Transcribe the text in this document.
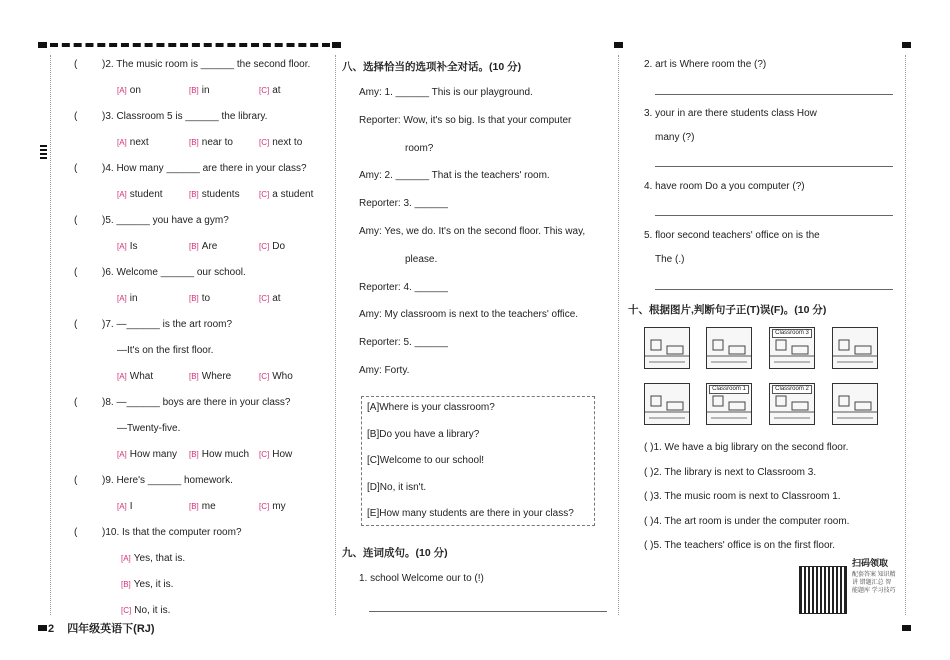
( )2. The music room is ______ the second floor.
[A] on	[B] in	[C] at
( )3. Classroom 5 is ______ the library.
[A] next	[B] near to	[C] next to
( )4. How many ______ are there in your class?
[A] student	[B] students [C] a student
( )5. ______ you have a gym?
[A] Is	[B] Are	[C] Do
( )6. Welcome ______ our school.
[A] in	[B] to	[C] at
( )7. —______ is the art room?
—It's on the first floor.
[A] What	[B] Where	[C] Who
( )8. —______ boys are there in your class?
—Twenty-five.
[A] How many [B] How much [C] How
( )9. Here's ______ homework.
[A] I	[B] me	[C] my
( )10. Is that the computer room?
[A] Yes, that is.
[B] Yes, it is.
[C] No, it is.
八、选择恰当的选项补全对话。(10 分)
Amy: 1. ______ This is our playground.
Reporter: Wow, it's so big. Is that your computer
room?
Amy: 2. ______ That is the teachers' room.
Reporter: 3. ______
Amy: Yes, we do. It's on the second floor. This way,
please.
Reporter: 4. ______
Amy: My classroom is next to the teachers' office.
Reporter: 5. ______
Amy: Forty.
[A]Where is your classroom?
[B]Do you have a library?
[C]Welcome to our school!
[D]No, it isn't.
[E]How many students are there in your class?
九、连词成句。(10 分)
1. school Welcome our to (!)
2. art is Where room the (?)
3. your in are there students class How
many (?)
4. have room Do a you computer (?)
5. floor second teachers' office on is the
The (.)
十、根据图片,判断句子正(T)误(F)。(10 分)
Classroom 3
Classroom 1	Classroom 2
( )1. We have a big library on the second floor.
( )2. The library is next to Classroom 3.
( )3. The music room is next to Classroom 1.
( )4. The art room is under the computer room.
( )5. The teachers' office is on the first floor.
扫码领取
配套答案 知识精讲 错题汇总 智能题库 学习技巧
2 四年级英语下(RJ)
